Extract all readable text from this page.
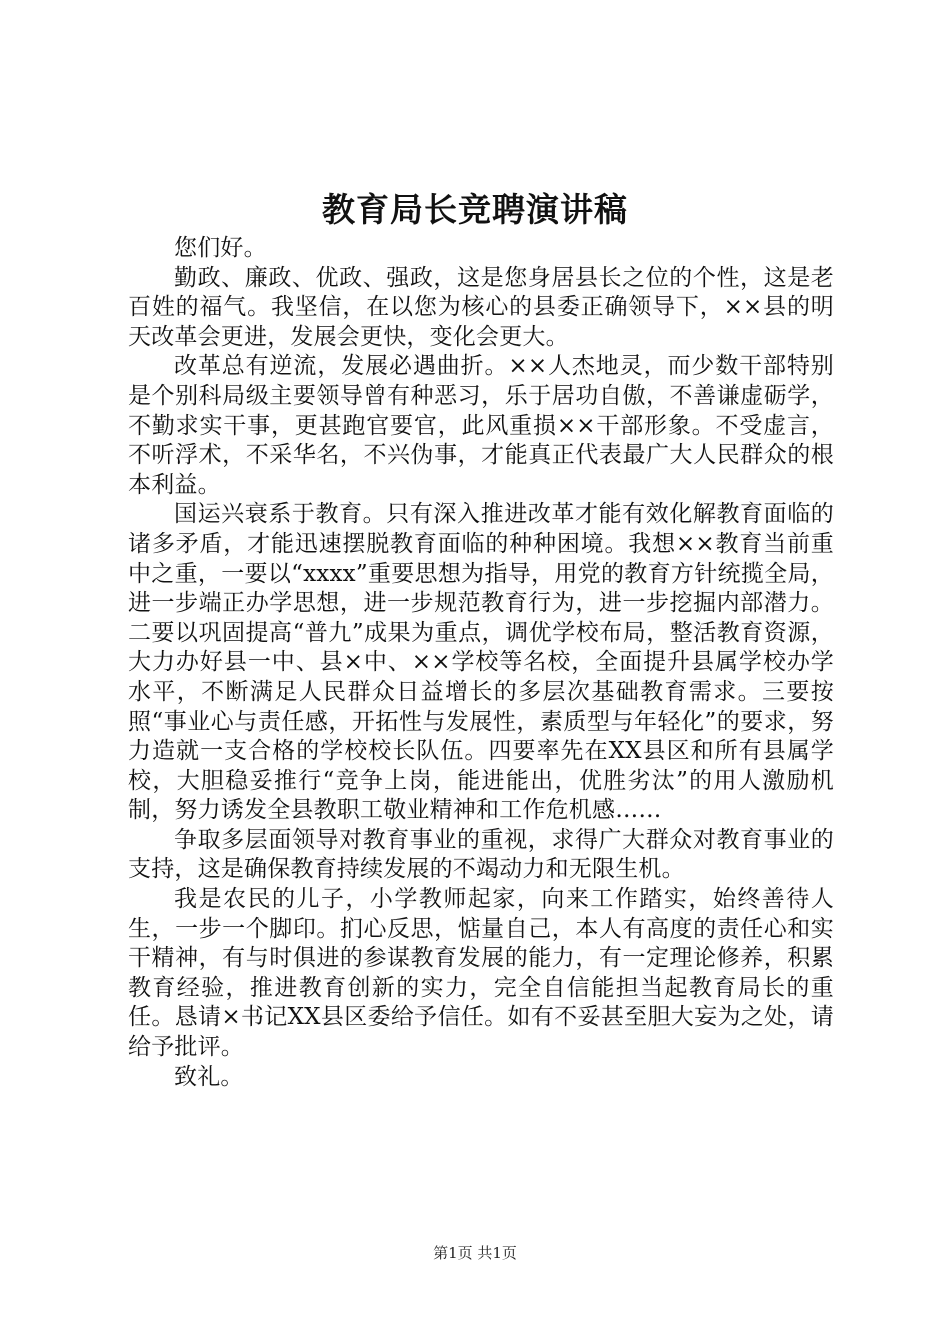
教育局长竞聘演讲稿

您们好。

勤政、廉政、优政、强政，这是您身居县长之位的个性，这是老百姓的福气。我坚信，在以您为核心的县委正确领导下，××县的明天改革会更进，发展会更快，变化会更大。

改革总有逆流，发展必遇曲折。××人杰地灵，而少数干部特别是个别科局级主要领导曾有种恶习，乐于居功自傲，不善谦虚砺学，不勤求实干事，更甚跑官要官，此风重损××干部形象。不受虚言，不听浮术，不采华名，不兴伪事，才能真正代表最广大人民群众的根本利益。

国运兴衰系于教育。只有深入推进改革才能有效化解教育面临的诸多矛盾，才能迅速摆脱教育面临的种种困境。我想××教育当前重中之重，一要以“xxxx”重要思想为指导，用党的教育方针统揽全局，进一步端正办学思想，进一步规范教育行为，进一步挖掘内部潜力。二要以巩固提高“普九”成果为重点，调优学校布局，整活教育资源，大力办好县一中、县×中、××学校等名校，全面提升县属学校办学水平，不断满足人民群众日益增长的多层次基础教育需求。三要按照“事业心与责任感，开拓性与发展性，素质型与年轻化”的要求，努力造就一支合格的学校校长队伍。四要率先在XX县区和所有县属学校，大胆稳妥推行“竞争上岗，能进能出，优胜劣汰”的用人激励机制，努力诱发全县教职工敬业精神和工作危机感……

争取多层面领导对教育事业的重视，求得广大群众对教育事业的支持，这是确保教育持续发展的不竭动力和无限生机。

我是农民的儿子，小学教师起家，向来工作踏实，始终善待人生，一步一个脚印。扪心反思，惦量自己，本人有高度的责任心和实干精神，有与时俱进的参谋教育发展的能力，有一定理论修养，积累教育经验，推进教育创新的实力，完全自信能担当起教育局长的重任。恳请×书记XX县区委给予信任。如有不妥甚至胆大妄为之处，请给予批评。

致礼。

第1页 共1页
